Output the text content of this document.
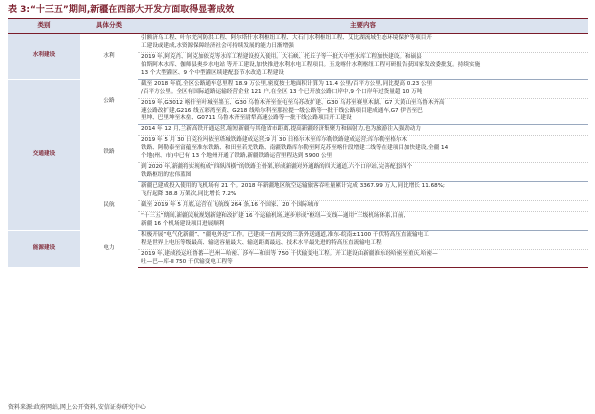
表 3:“十三五”期间,新疆在西部大开发方面取得显著成效
类别	具体分类	主要内容
水利建设	水利	引额济乌工程、叶尔羌河防洪工程、阿尔塔什水利枢纽工程、大石门水利枢纽工程、艾比湖流域生态环境保护等项目开
工建设或建成,水资源保障经济社会可持续发展的能力日渐增强

		2019 年,阿克肖、阿克加依克等水库工程建设投入使用。大石峡、托丘子等一批大中型水库工程加快建设。和硕县
伯斯阿木水库、伽师县奥乡水电站 等开工建设,加快推进水利水电工程项目。玉龙喀什水利枢纽工程可研报告获国家发改委批复。持续实施
13 个大型灌区、9 个中型灌区续建配套节水改造工程建设

交通建设	公路	截至 2018 年底,全区公路通车总里程 18.9 万公里,密度按土地面积计算为 11.4 公里/百平方公里,同比提高 0.23 公里
/百平方公里。全区有国际道路运输经营企业 121 户,在全区 13 个已开放公路口岸中,9 个口岸年过货量超 10 万吨

		2019 年,G3012 喀什至叶城至墨玉、G30 乌鲁木齐至奎屯至乌苏改扩建、G30 乌苏至赛里木湖、G7 大黄山至乌鲁木齐高
速公路改扩建,G216 线五彩湾至黄、G218 线哈尔科至那拉提一级公路等一批干线公路项目建成通车,G7 伊吾至巴
里坤、巴里坤至木垒、G0711 乌鲁木齐至尉犁高速公路等一批干线公路项目开工建设

	铁路	2014 年 12 月,兰新高铁开通运营,缩短新疆与其他省市距离,提高新疆经济集聚力和辐射力,也为旅游注入强劲动力

		2019 年 5 月 30 日克拉玛依至塔城铁路建成运营;9 月 30 日格尔木至库尔勒铁路建成运营;库尔勒至格尔木
铁路、阿勒泰至富蕴至准东铁路、和田至若羌铁路、南疆铁路库尔勒至阿克苏至喀什段增建二线等在建项目加快建设,全疆 14
个地(州、市)中已有 13 个地州开通了铁路,新疆铁路运营里程达到 5900 公里

		到 2020 年,新疆将实现构成“四纵四横”的铁路主骨架,形成新疆对外通路的四大通道,六个口岸站,完善配套四个
铁路枢纽的宏伟蓝图

	民航	新疆已建成投入使用的飞机场有 21 个。2018 年新疆地区航空运输旅客吞吐量累计完成 3367.99 万人,同比增长 11.68%;
飞行起降 38.8 万架次,同比增长 7.2%

		截至 2019 年 5 月底,运营在飞航线 264 条,16 个国家、20 个国际城市

		“十三五”期间,新疆民航规划新建和改扩建 16 个运输机场,逐步形成“枢纽—支线—通用”三级机场体系,目前,
新疆 16 个机场建设项目进展顺利

能源建设	电力	积极开展“电气化新疆”、“疆电外送”工作。已建成一直两交的三条外送通道,准东-皖南±1100 千伏特高压直流输电工
程是世界上电压等级最高、输送容量最大、输送距离最远、技术水平最先进的特高压直流输电工程

		2019 年,建成投运吐鲁番—巴州—哈密、莎车—和田等 750 千伏输变电工程。开工建设由新疆准东经哈密至重庆,哈密—
吐—巴—库-Ⅱ 750 千伏输变电工程等
资料来源:政府网站,网上公开资料,安信证券研究中心
